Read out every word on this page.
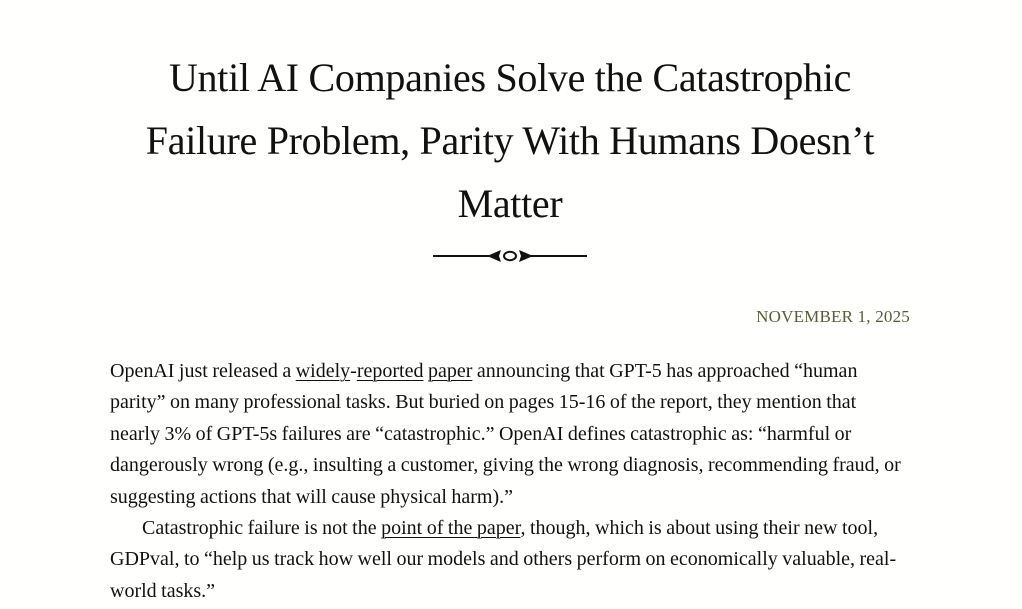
Until AI Companies Solve the Catastrophic Failure Problem, Parity With Humans Doesn’t Matter

NOVEMBER 1, 2025

OpenAI just released a widely-reported paper announcing that GPT-5 has approached “human parity” on many professional tasks. But buried on pages 15-16 of the report, they mention that nearly 3% of GPT-5s failures are “catastrophic.” OpenAI defines catastrophic as: “harmful or dangerously wrong (e.g., insulting a customer, giving the wrong diagnosis, recommending fraud, or suggesting actions that will cause physical harm).”

Catastrophic failure is not the point of the paper, though, which is about using their new tool, GDPval, to “help us track how well our models and others perform on economically valuable, real-world tasks.”
